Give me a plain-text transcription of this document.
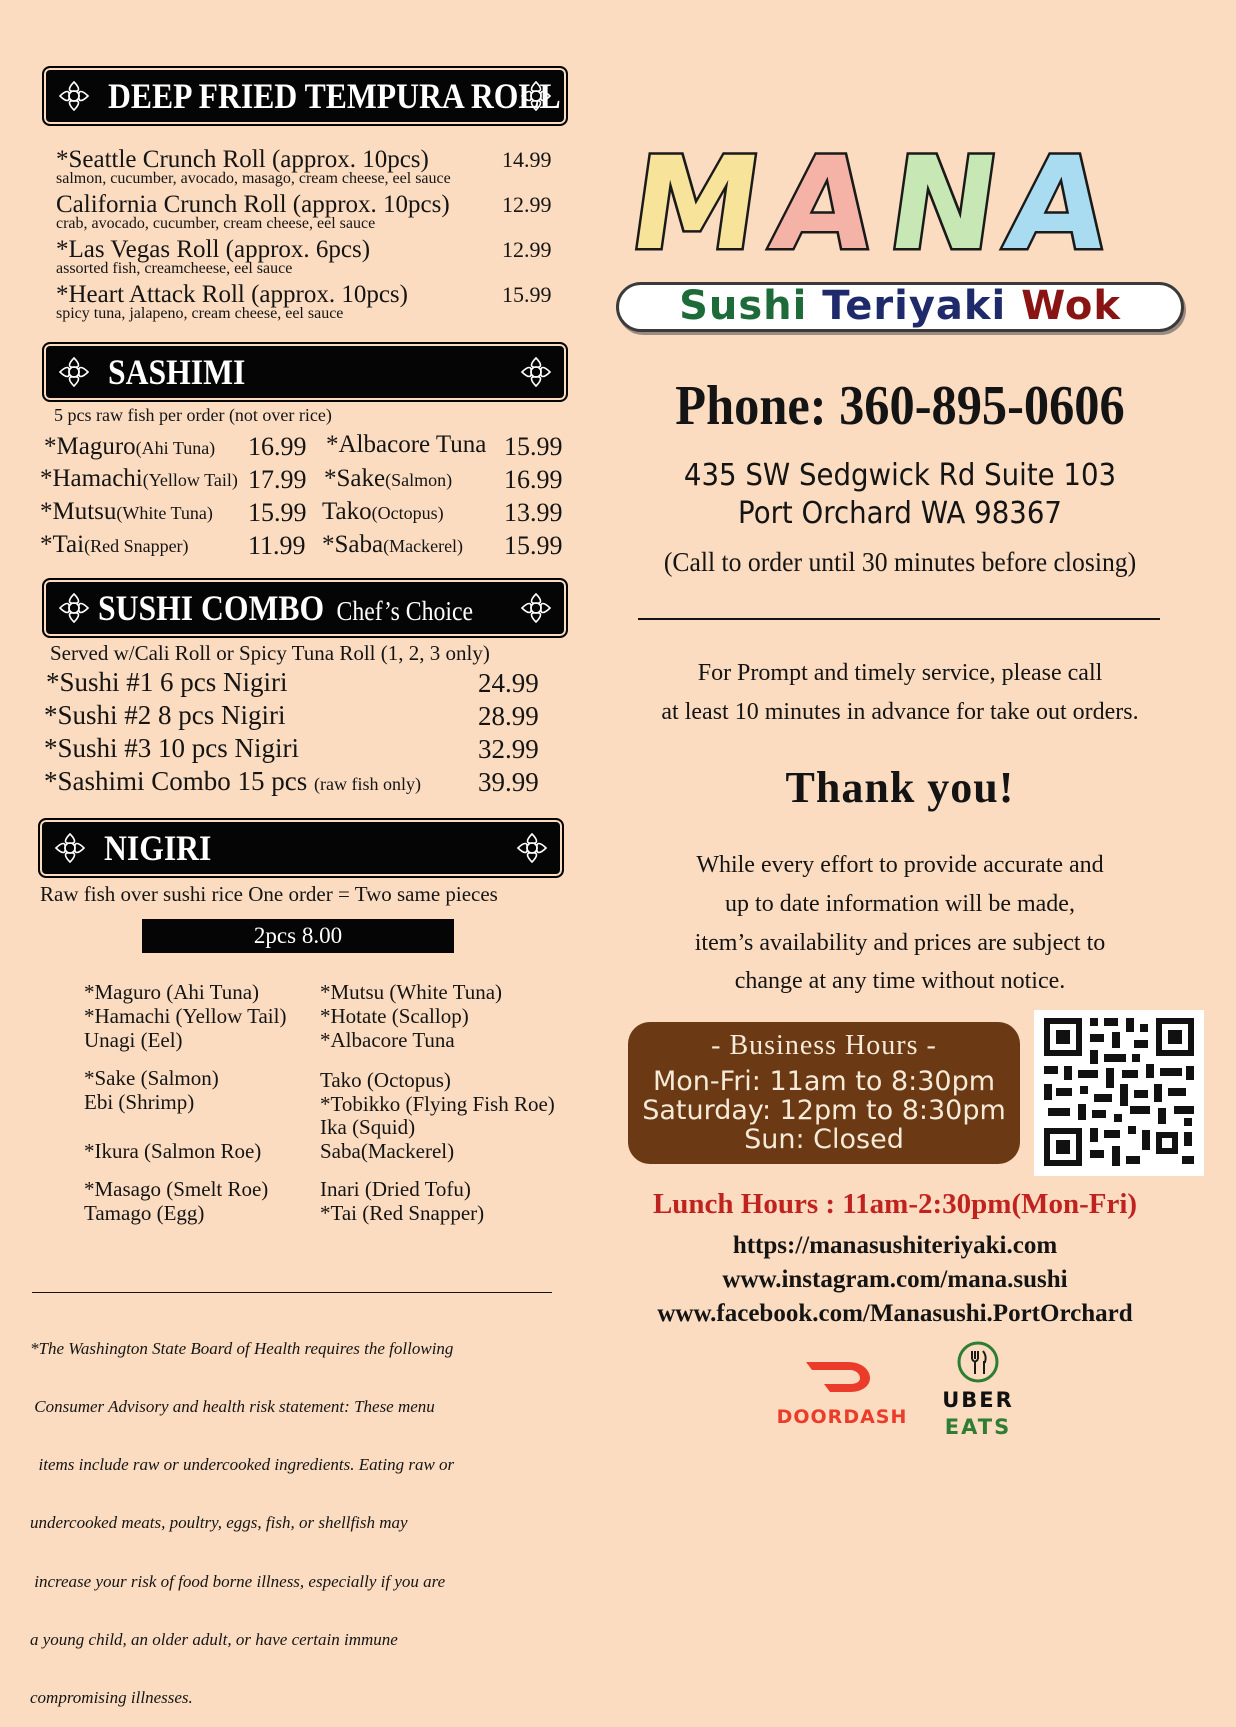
DEEP FRIED TEMPURA ROLL
*Seattle Crunch Roll (approx. 10pcs)
salmon, cucumber, avocado, masago, cream cheese, eel sauce
14.99
California Crunch Roll (approx. 10pcs)
crab, avocado, cucumber, cream cheese, eel sauce
12.99
*Las Vegas Roll (approx. 6pcs)
assorted fish, creamcheese, eel sauce
12.99
*Heart Attack Roll (approx. 10pcs)
spicy tuna, jalapeno, cream cheese, eel sauce
15.99
SASHIMI
5 pcs raw fish per order (not over rice)
*Maguro(Ahi Tuna) 16.99 *Albacore Tuna 15.99
*Hamachi(Yellow Tail) 17.99 *Sake(Salmon) 16.99
*Mutsu(White Tuna) 15.99 Tako(Octopus) 13.99
*Tai(Red Snapper) 11.99 *Saba(Mackerel) 15.99
SUSHI COMBO Chef’s Choice
Served w/Cali Roll or Spicy Tuna Roll (1, 2, 3 only)
*Sushi #1 6 pcs Nigiri	24.99
*Sushi #2 8 pcs Nigiri	28.99
*Sushi #3 10 pcs Nigiri	32.99
*Sashimi Combo 15 pcs (raw fish only) 39.99
NIGIRI
Raw fish over sushi rice One order = Two same pieces
2pcs 8.00
*Maguro (Ahi Tuna)
*Hamachi (Yellow Tail)
Unagi (Eel)
*Sake (Salmon)
Ebi (Shrimp)
*Ikura (Salmon Roe)
*Masago (Smelt Roe)
Tamago (Egg)
*Mutsu (White Tuna)
*Hotate (Scallop)
*Albacore Tuna
Tako (Octopus)
*Tobikko (Flying Fish Roe)
Ika (Squid)
Saba(Mackerel)
Inari (Dried Tofu)
*Tai (Red Snapper)

*The Washington State Board of Health requires the following

Consumer Advisory and health risk statement: These menu

items include raw or undercooked ingredients. Eating raw or

undercooked meats, poultry, eggs, fish, or shellfish may

increase your risk of food borne illness, especially if you are

a young child, an older adult, or have certain immune

compromising illnesses.

M
A
N
A
Sushi Teriyaki Wok
Phone: 360-895-0606
435 SW Sedgwick Rd Suite 103
Port Orchard WA 98367
(Call to order until 30 minutes before closing)
For Prompt and timely service, please call
at least 10 minutes in advance for take out orders.
Thank you!
While every effort to provide accurate and
up to date information will be made,
item’s availability and prices are subject to
change at any time without notice.
- Business Hours -
Mon-Fri: 11am to 8:30pm
Saturday: 12pm to 8:30pm
Sun: Closed
Lunch Hours : 11am-2:30pm(Mon-Fri)
https://manasushiteriyaki.com
www.instagram.com/mana.sushi
www.facebook.com/Manasushi.PortOrchard
DOORDASH
UBER
EATS
